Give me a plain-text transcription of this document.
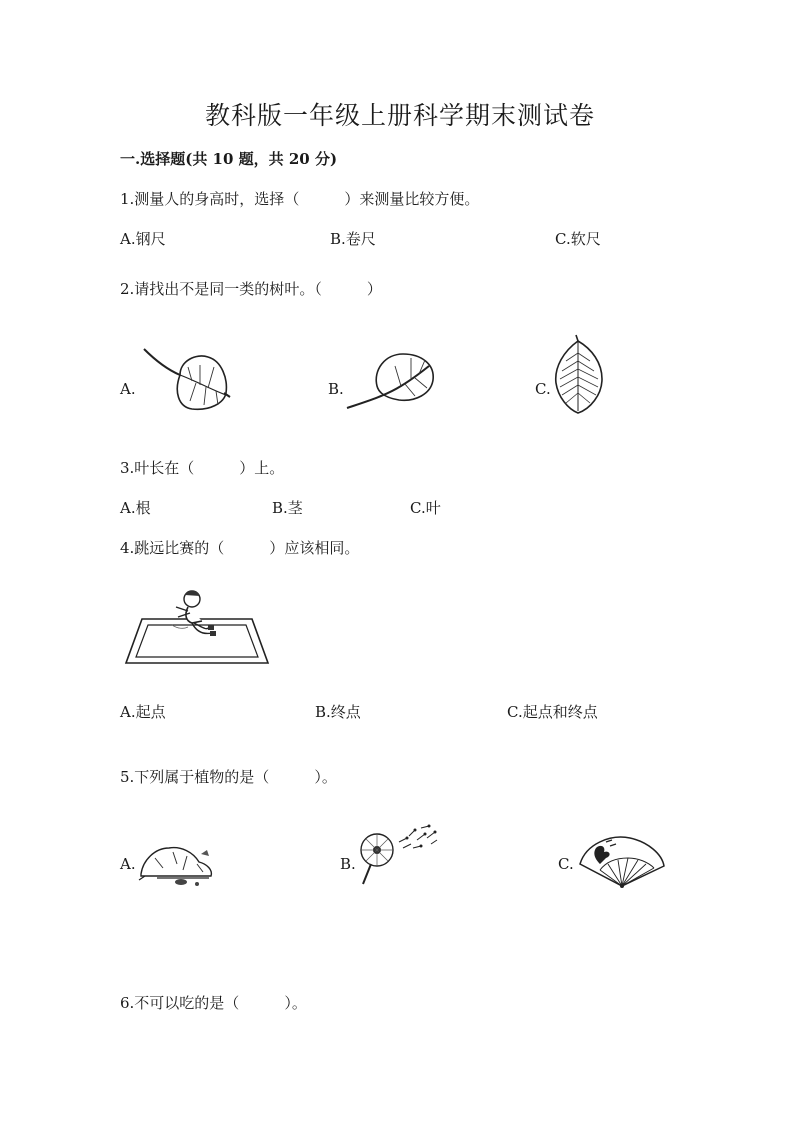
教科版一年级上册科学期末测试卷
一.选择题(共 10 题，共 20 分)
1.测量人的身高时，选择（　　　）来测量比较方便。
A.钢尺	B.卷尺	C.软尺
2.请找出不是同一类的树叶。（　　　）
A.	B.	C.
3.叶长在（　　　）上。
A.根	B.茎	C.叶
4.跳远比赛的（　　　）应该相同。
A.起点	B.终点	C.起点和终点
5.下列属于植物的是（　　　）。
A.	B.	C.
6.不可以吃的是（　　　）。
